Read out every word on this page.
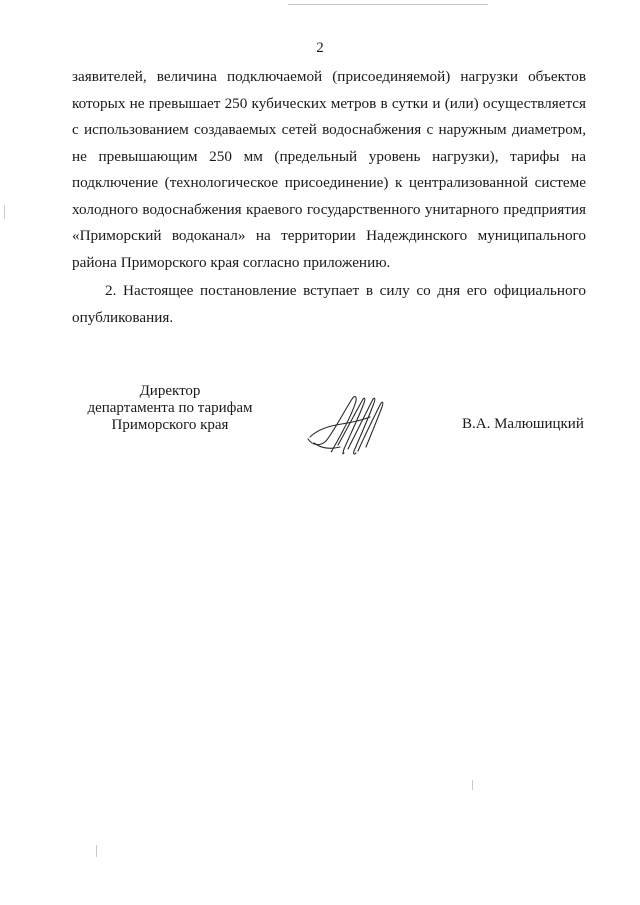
2

заявителей, величина подключаемой (присоединяемой) нагрузки объектов которых не превышает 250 кубических метров в сутки и (или) осуществляется с использованием создаваемых сетей водоснабжения с наружным диаметром, не превышающим 250 мм (предельный уровень нагрузки), тарифы на подключение (технологическое присоединение) к централизованной системе холодного водоснабжения краевого государственного унитарного предприятия «Приморский водоканал» на территории Надеждинского муниципального района Приморского края согласно приложению.

2. Настоящее постановление вступает в силу со дня его официального опубликования.

Директор
департамента по тарифам
Приморского края	В.А. Малюшицкий
